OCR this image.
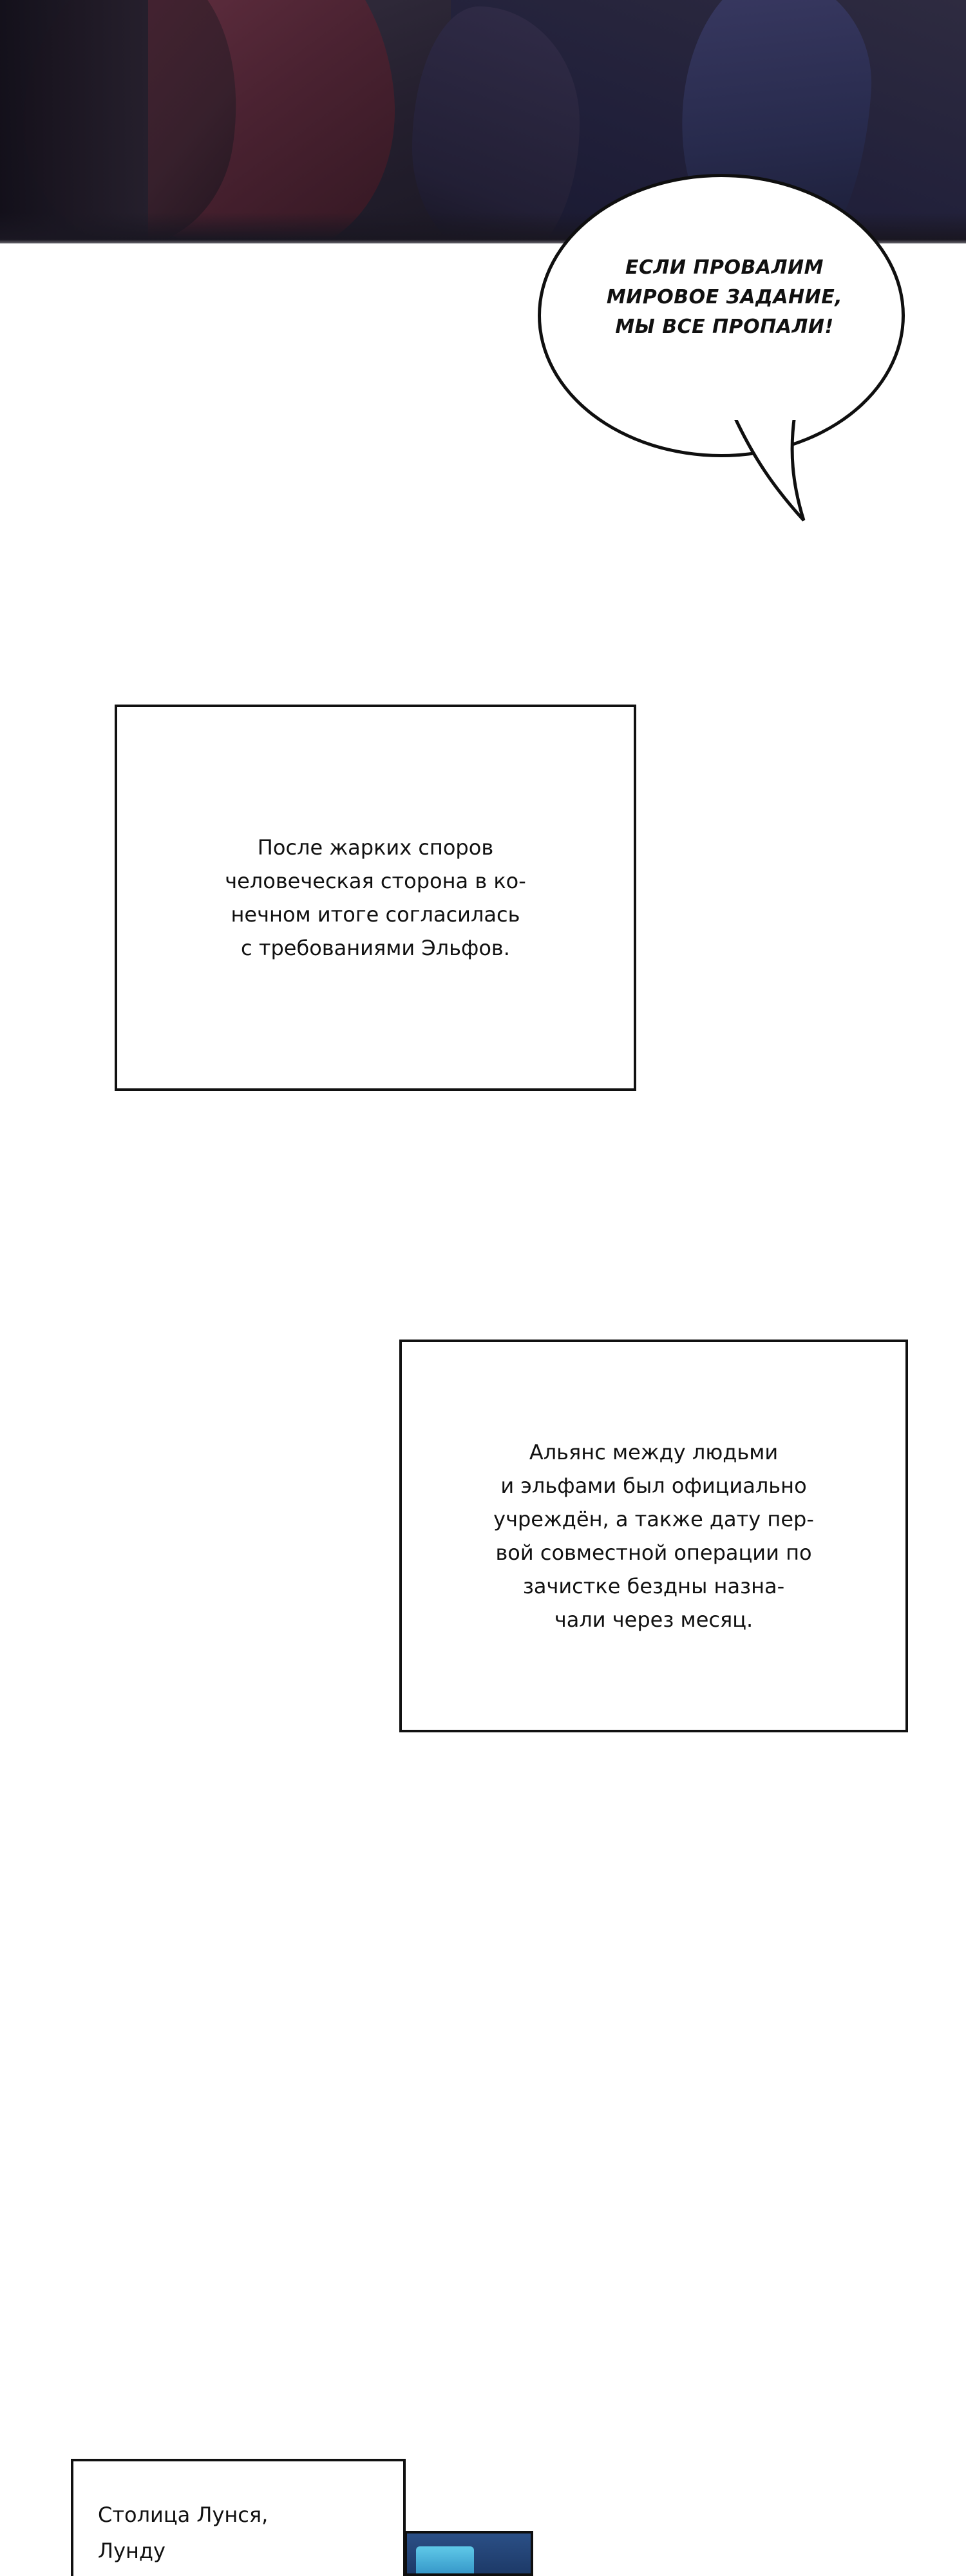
ЕСЛИ ПРОВАЛИМ
МИРОВОЕ ЗАДАНИЕ,
МЫ ВСЕ ПРОПАЛИ!
После жарких споров
человеческая сторона в ко-
нечном итоге согласилась
с требованиями Эльфов.
Альянс между людьми
и эльфами был официально
учреждён, а также дату пер-
вой совместной операции по
зачистке бездны назна-
чали через месяц.
Столица Лунся,
Лунду
